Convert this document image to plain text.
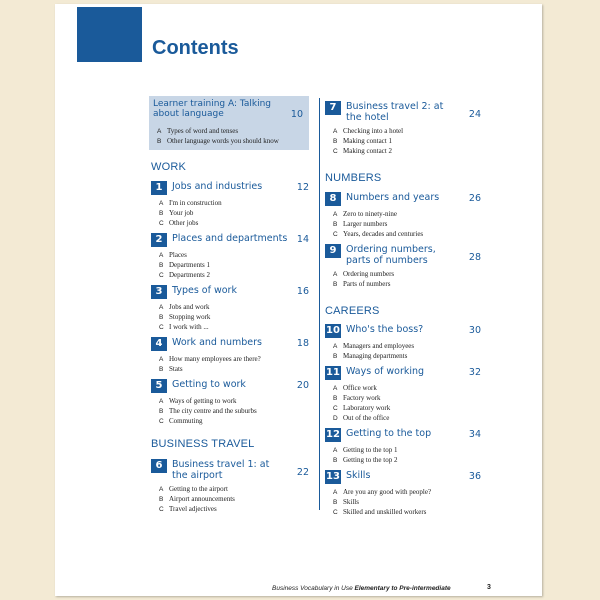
Contents
Learner training A: Talking about language	10
A Types of word and tenses
B Other language words you should know
WORK
1	Jobs and industries	12
A I'm in construction
B Your job
C Other jobs
2	Places and departments 14
A Places
B Departments 1
C Departments 2
3	Types of work	16
A Jobs and work
B Stopping work
C I work with ...
4	Work and numbers	18
A How many employees are there?
B Stats
5	Getting to work	20
A Ways of getting to work
B The city centre and the suburbs
C Commuting
BUSINESS TRAVEL
6	Business travel 1: at the airport	22
A Getting to the airport
B Airport announcements
C Travel adjectives
7	Business travel 2: at the hotel	24
A Checking into a hotel
B Making contact 1
C Making contact 2
NUMBERS
8	Numbers and years	26
A Zero to ninety-nine
B Larger numbers
C Years, decades and centuries
9	Ordering numbers, parts of numbers	28
A Ordering numbers
B Parts of numbers
CAREERS
10 Who's the boss?	30
A Managers and employees
B Managing departments
11 Ways of working	32
A Office work
B Factory work
C Laboratory work
D Out of the office
12 Getting to the top	34
A Getting to the top 1
B Getting to the top 2
13 Skills	36
A Are you any good with people?
B Skills
C Skilled and unskilled workers
Business Vocabulary in Use Elementary to Pre-intermediate	3
